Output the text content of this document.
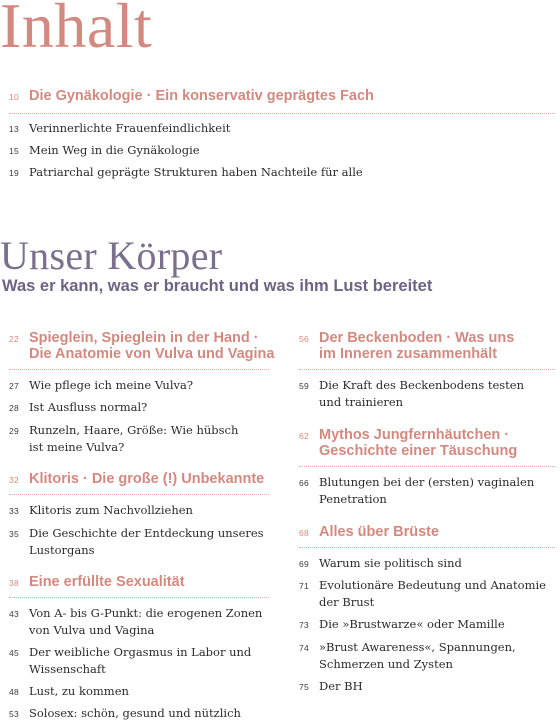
Inhalt
10 Die Gynäkologie · Ein konservativ geprägtes Fach
13 Verinnerlichte Frauenfeindlichkeit
15 Mein Weg in die Gynäkologie
19 Patriarchal geprägte Strukturen haben Nachteile für alle
Unser Körper
Was er kann, was er braucht und was ihm Lust bereitet
22 Spieglein, Spieglein in der Hand ·
Die Anatomie von Vulva und Vagina
27 Wie pflege ich meine Vulva?
28 Ist Ausfluss normal?
29 Runzeln, Haare, Größe: Wie hübsch
ist meine Vulva?
32 Klitoris · Die große (!) Unbekannte
33 Klitoris zum Nachvollziehen
35 Die Geschichte der Entdeckung unseres
Lustorgans
38 Eine erfüllte Sexualität
43 Von A- bis G-Punkt: die erogenen Zonen
von Vulva und Vagina
45 Der weibliche Orgasmus in Labor und
Wissenschaft
48 Lust, zu kommen
53 Solosex: schön, gesund und nützlich
56 Der Beckenboden · Was uns
im Inneren zusammenhält
59 Die Kraft des Beckenbodens testen
und trainieren
62 Mythos Jungfernhäutchen ·
Geschichte einer Täuschung
66 Blutungen bei der (ersten) vaginalen
Penetration
68 Alles über Brüste
69 Warum sie politisch sind
71 Evolutionäre Bedeutung und Anatomie
der Brust
73 Die »Brustwarze« oder Mamille
74 »Brust Awareness«, Spannungen,
Schmerzen und Zysten
75 Der BH
